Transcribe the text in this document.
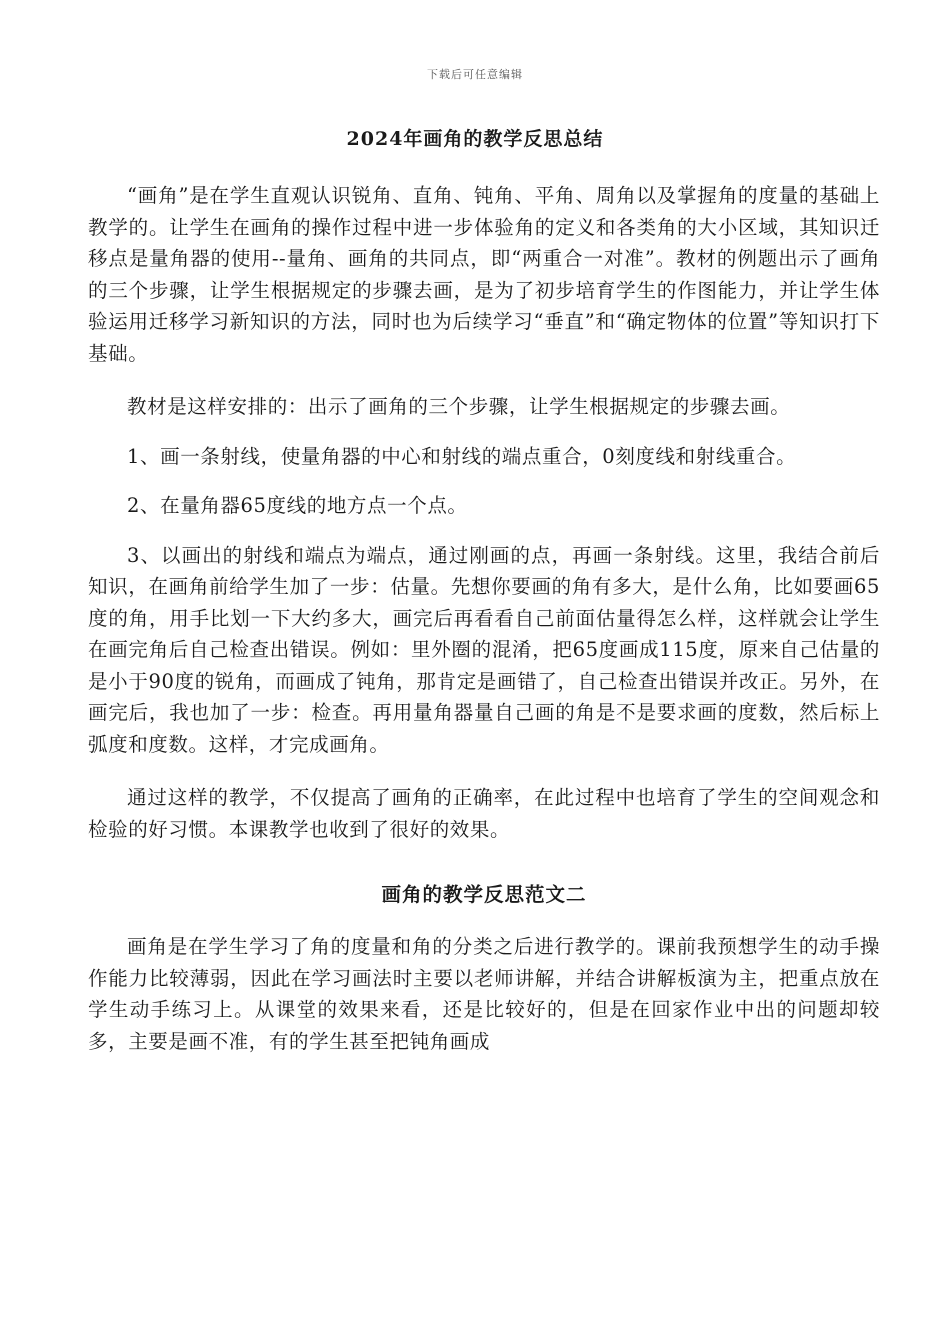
下载后可任意编辑
2024年画角的教学反思总结

“画角”是在学生直观认识锐角、直角、钝角、平角、周角以及掌握角的度量的基础上教学的。让学生在画角的操作过程中进一步体验角的定义和各类角的大小区域，其知识迁移点是量角器的使用--量角、画角的共同点，即“两重合一对准”。教材的例题出示了画角的三个步骤，让学生根据规定的步骤去画，是为了初步培育学生的作图能力，并让学生体验运用迁移学习新知识的方法，同时也为后续学习“垂直”和“确定物体的位置”等知识打下基础。

教材是这样安排的：出示了画角的三个步骤，让学生根据规定的步骤去画。

1、画一条射线，使量角器的中心和射线的端点重合，0刻度线和射线重合。

2、在量角器65度线的地方点一个点。

3、以画出的射线和端点为端点，通过刚画的点，再画一条射线。这里，我结合前后知识，在画角前给学生加了一步：估量。先想你要画的角有多大，是什么角，比如要画65度的角，用手比划一下大约多大，画完后再看看自己前面估量得怎么样，这样就会让学生在画完角后自己检查出错误。例如：里外圈的混淆，把65度画成115度，原来自己估量的是小于90度的锐角，而画成了钝角，那肯定是画错了，自己检查出错误并改正。另外，在画完后，我也加了一步：检查。再用量角器量自己画的角是不是要求画的度数，然后标上弧度和度数。这样，才完成画角。

通过这样的教学，不仅提高了画角的正确率，在此过程中也培育了学生的空间观念和检验的好习惯。本课教学也收到了很好的效果。

画角的教学反思范文二

画角是在学生学习了角的度量和角的分类之后进行教学的。课前我预想学生的动手操作能力比较薄弱，因此在学习画法时主要以老师讲解，并结合讲解板演为主，把重点放在学生动手练习上。从课堂的效果来看，还是比较好的，但是在回家作业中出的问题却较多，主要是画不准，有的学生甚至把钝角画成
